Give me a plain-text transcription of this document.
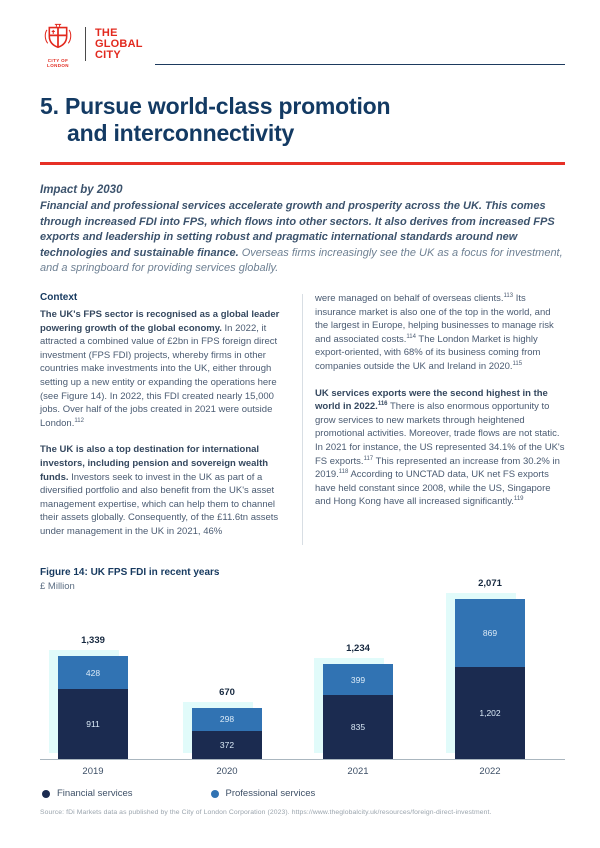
CITY OF LONDON
THE
GLOBAL
CITY
5. Pursue world-class promotion
and interconnectivity
Impact by 2030
Financial and professional services accelerate growth and prosperity across the UK. This comes through increased FDI into FPS, which flows into other sectors. It also derives from increased FPS exports and leadership in setting robust and pragmatic international standards around new technologies and sustainable finance. Overseas firms increasingly see the UK as a focus for investment, and a springboard for providing services globally.
Context

The UK's FPS sector is recognised as a global leader powering growth of the global economy. In 2022, it attracted a combined value of £2bn in FPS foreign direct investment (FPS FDI) projects, whereby firms in other countries make investments into the UK, either through setting up a new entity or expanding the operations here (see Figure 14). In 2022, this FDI created nearly 15,000 jobs. Over half of the jobs created in 2021 were outside London.$^{112}$

The UK is also a top destination for international investors, including pension and sovereign wealth funds. Investors seek to invest in the UK as part of a diversified portfolio and also benefit from the UK's asset management expertise, which can help them to channel their assets globally. Consequently, of the £11.6tn assets under management in the UK in 2021, 46%

were managed on behalf of overseas clients.$^{113}$ Its insurance market is also one of the top in the world, and the largest in Europe, helping businesses to manage risk and associated costs.$^{114}$ The London Market is highly export-oriented, with 68% of its business coming from companies outside the UK and Ireland in 2020.$^{115}$

UK services exports were the second highest in the world in 2022.$^{116}$ There is also enormous opportunity to grow services to new markets through heightened promotional activities. Moreover, trade flows are not static. In 2021 for instance, the US represented 34.1% of the UK's FS exports.$^{117}$ This represented an increase from 30.2% in 2019.$^{118}$ According to UNCTAD data, UK net FS exports have held constant since 2008, while the US, Singapore and Hong Kong have all increased significantly.$^{119}$

Figure 14: UK FPS FDI in recent years
£ Million
428
911
1,339
2019
298
372
670
2020
399
835
1,234
2021
869
1,202
2,071
2022
Financial services	Professional services
Source: fDi Markets data as published by the City of London Corporation (2023). https://www.theglobalcity.uk/resources/foreign-direct-investment.
